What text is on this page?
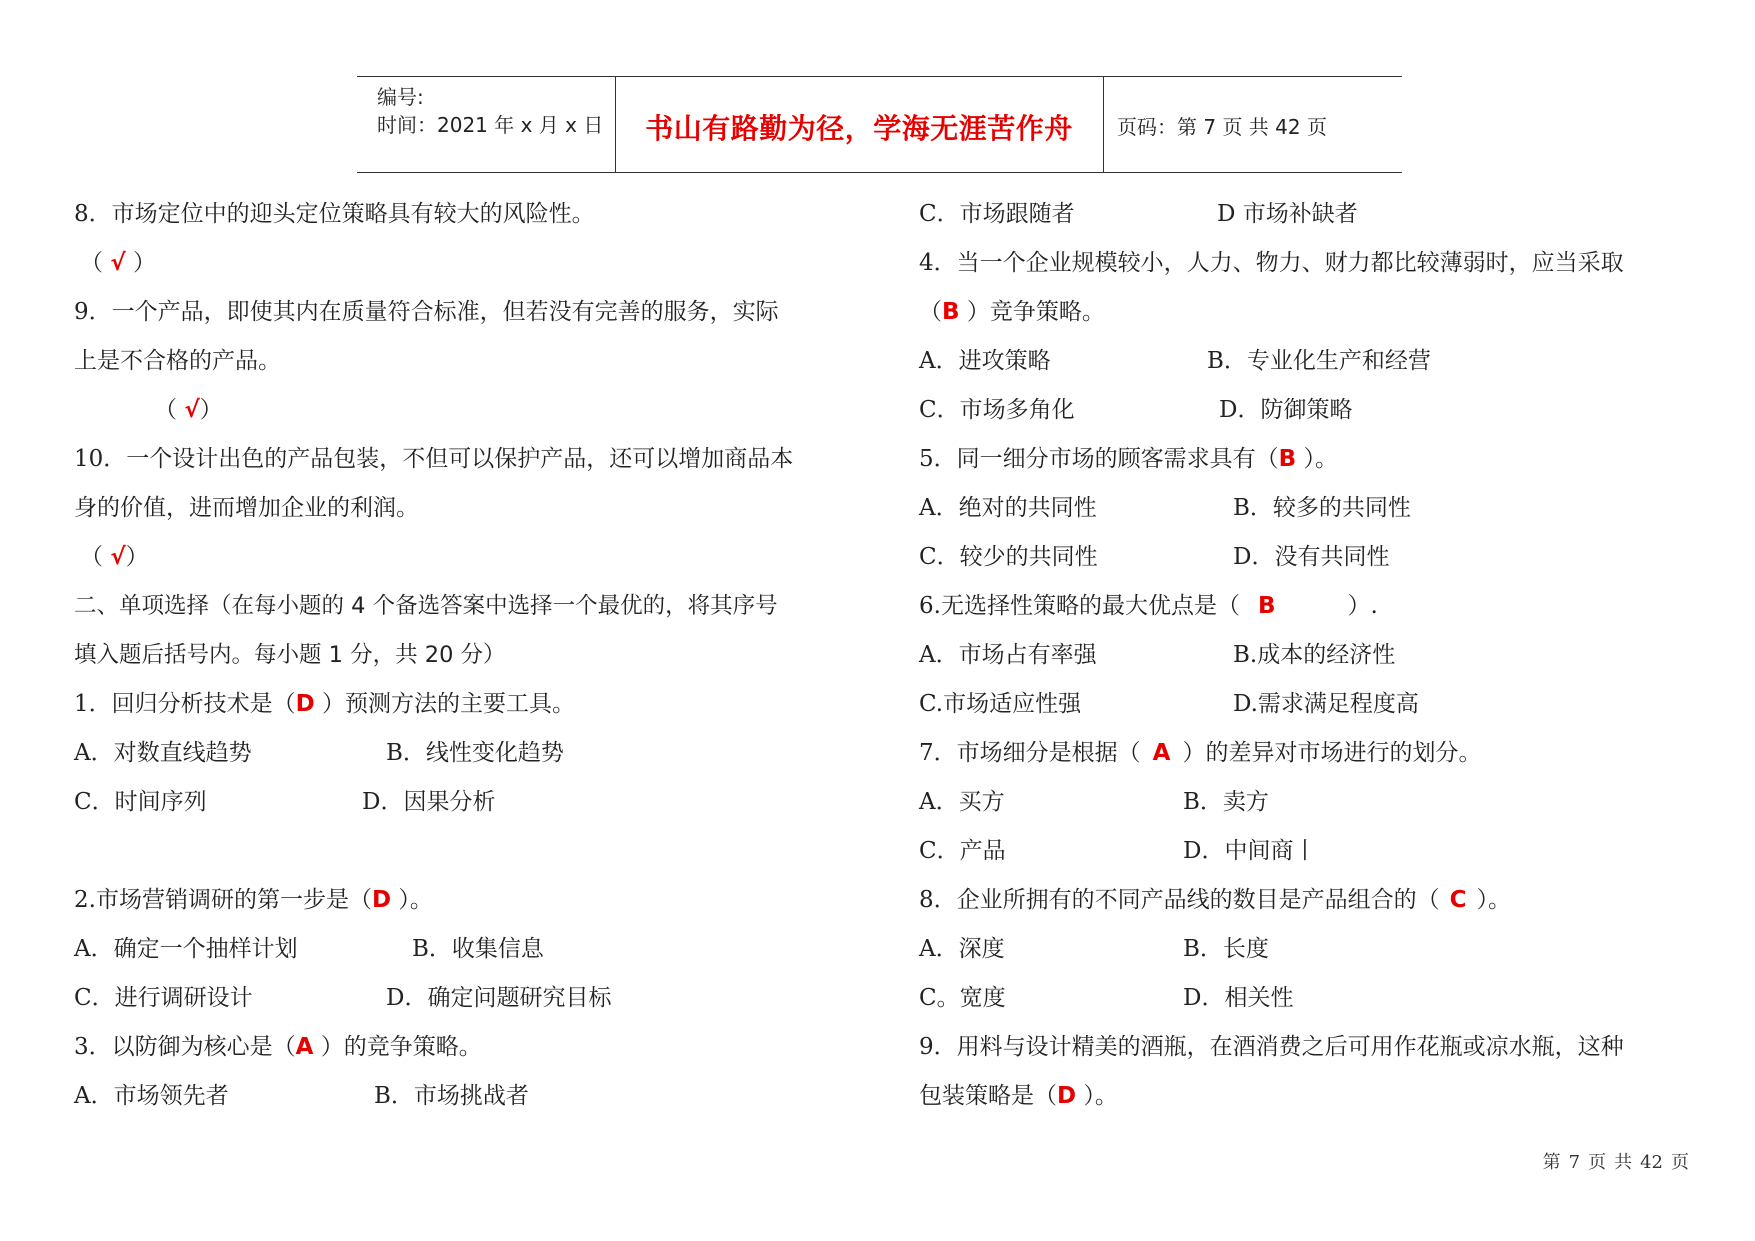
编号:
时间：2021 年 x 月 x 日 书山有路勤为径，学海无涯苦作舟 页码：第 7 页 共 42 页
8．市场定位中的迎头定位策略具有较大的风险性。
（ √ ）
9．一个产品，即使其内在质量符合标准，但若没有完善的服务，实际
上是不合格的产品。
（ √）
10．一个设计出色的产品包装，不但可以保护产品，还可以增加商品本
身的价值，进而增加企业的利润。
（ √）
二、单项选择（在每小题的 4 个备选答案中选择一个最优的，将其序号
填入题后括号内。每小题 1 分，共 20 分）
1．回归分析技术是（D ）预测方法的主要工具。
A．对数直线趋势	B．线性变化趋势
C．时间序列	D．因果分析
2.市场营销调研的第一步是（D ）。
A．确定一个抽样计划	B．收集信息
C．进行调研设计	D．确定问题研究目标
3．以防御为核心是（A ）的竞争策略。
A．市场领先者	B．市场挑战者
C．市场跟随者	D 市场补缺者
4．当一个企业规模较小，人力、物力、财力都比较薄弱时，应当采取
（B ）竞争策略。
A．进攻策略	B．专业化生产和经营
C．市场多角化	D．防御策略
5．同一细分市场的顾客需求具有（B ）。
A．绝对的共同性	B．较多的共同性
C．较少的共同性	D．没有共同性
6.无选择性策略的最大优点是（ B	）.
A．市场占有率强	B.成本的经济性
C.市场适应性强	D.需求满足程度高
7．市场细分是根据（ A ）的差异对市场进行的划分。
A．买方	B．卖方
C．产品	D．中间商丨
8．企业所拥有的不同产品线的数目是产品组合的（ C ）。
A．深度	B．长度
C。宽度	D．相关性
9．用料与设计精美的酒瓶，在酒消费之后可用作花瓶或凉水瓶，这种
包装策略是（D ）。
第 7 页 共 42 页
